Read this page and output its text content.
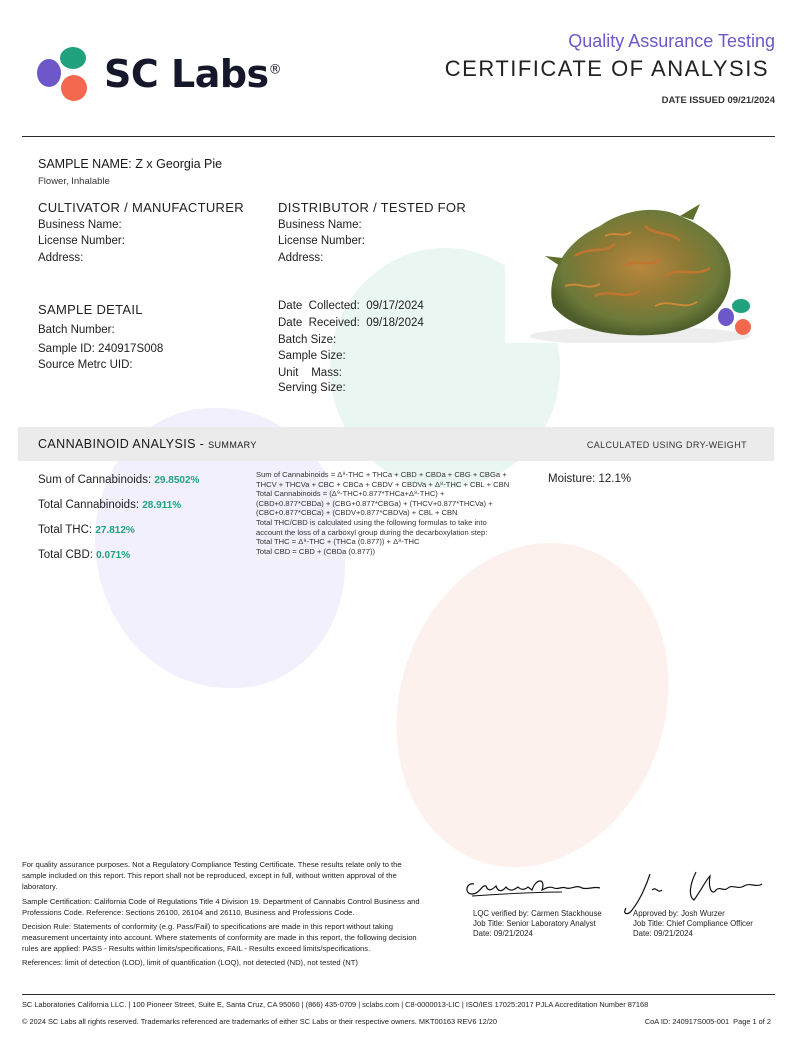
SC Labs®
Quality Assurance Testing
CERTIFICATE OF ANALYSIS
DATE ISSUED 09/21/2024
SAMPLE NAME: Z x Georgia Pie
Flower, Inhalable
CULTIVATOR / MANUFACTURER
Business Name:
License Number:
Address:
DISTRIBUTOR / TESTED FOR
Business Name:
License Number:
Address:
SAMPLE DETAIL
Batch Number:
Sample ID: 240917S008
Source Metrc UID:
Date  Collected:  09/17/2024
Date  Received:  09/18/2024
Batch Size:
Sample Size:
Unit    Mass:
Serving Size:
CANNABINOID ANALYSIS - SUMMARY	CALCULATED USING DRY-WEIGHT
Sum of Cannabinoids: 29.8502%
Total Cannabinoids: 28.911%
Total THC: 27.812%
Total CBD: 0.071%
Sum of Cannabinoids = Δ⁹-THC + THCa + CBD + CBDa + CBG + CBGa +
THCV + THCVa + CBC + CBCa + CBDV + CBDVa + Δ⁸-THC + CBL + CBN
Total Cannabinoids = (Δ⁹-THC+0.877*THCa+Δ⁸-THC) +
(CBD+0.877*CBDa) + (CBG+0.877*CBGa) + (THCV+0.877*THCVa) +
(CBC+0.877*CBCa) + (CBDV+0.877*CBDVa) + CBL + CBN
Total THC/CBD is calculated using the following formulas to take into
account the loss of a carboxyl group during the decarboxylation step:
Total THC = Δ⁹-THC + (THCa (0.877)) + Δ⁸-THC
Total CBD = CBD + (CBDa (0.877))
Moisture: 12.1%
For quality assurance purposes. Not a Regulatory Compliance Testing Certificate. These results relate only to the sample included on this report. This report shall not be reproduced, except in full, without written approval of the laboratory.
Sample Certification: California Code of Regulations Title 4 Division 19. Department of Cannabis Control Business and Professions Code. Reference: Sections 26100, 26104 and 26110, Business and Professions Code.
Decision Rule: Statements of conformity (e.g. Pass/Fail) to specifications are made in this report without taking measurement uncertainty into account. Where statements of conformity are made in this report, the following decision rules are applied: PASS - Results within limits/specifications, FAIL - Results exceed limits/specifications.
References: limit of detection (LOD), limit of quantification (LOQ), not detected (ND), not tested (NT)
LQC verified by: Carmen Stackhouse
Job Title: Senior Laboratory Analyst
Date: 09/21/2024
Approved by: Josh Wurzer
Job Title: Chief Compliance Officer
Date: 09/21/2024
SC Laboratories California LLC. | 100 Pioneer Street, Suite E, Santa Cruz, CA 95060 | (866) 435-0709 | sclabs.com | C8-0000013-LIC | ISO/IES 17025:2017 PJLA Accreditation Number 87168
© 2024 SC Labs all rights reserved. Trademarks referenced are trademarks of either SC Labs or their respective owners. MKT00163 REV6 12/20	CoA ID: 240917S005-001  Page 1 of 2
